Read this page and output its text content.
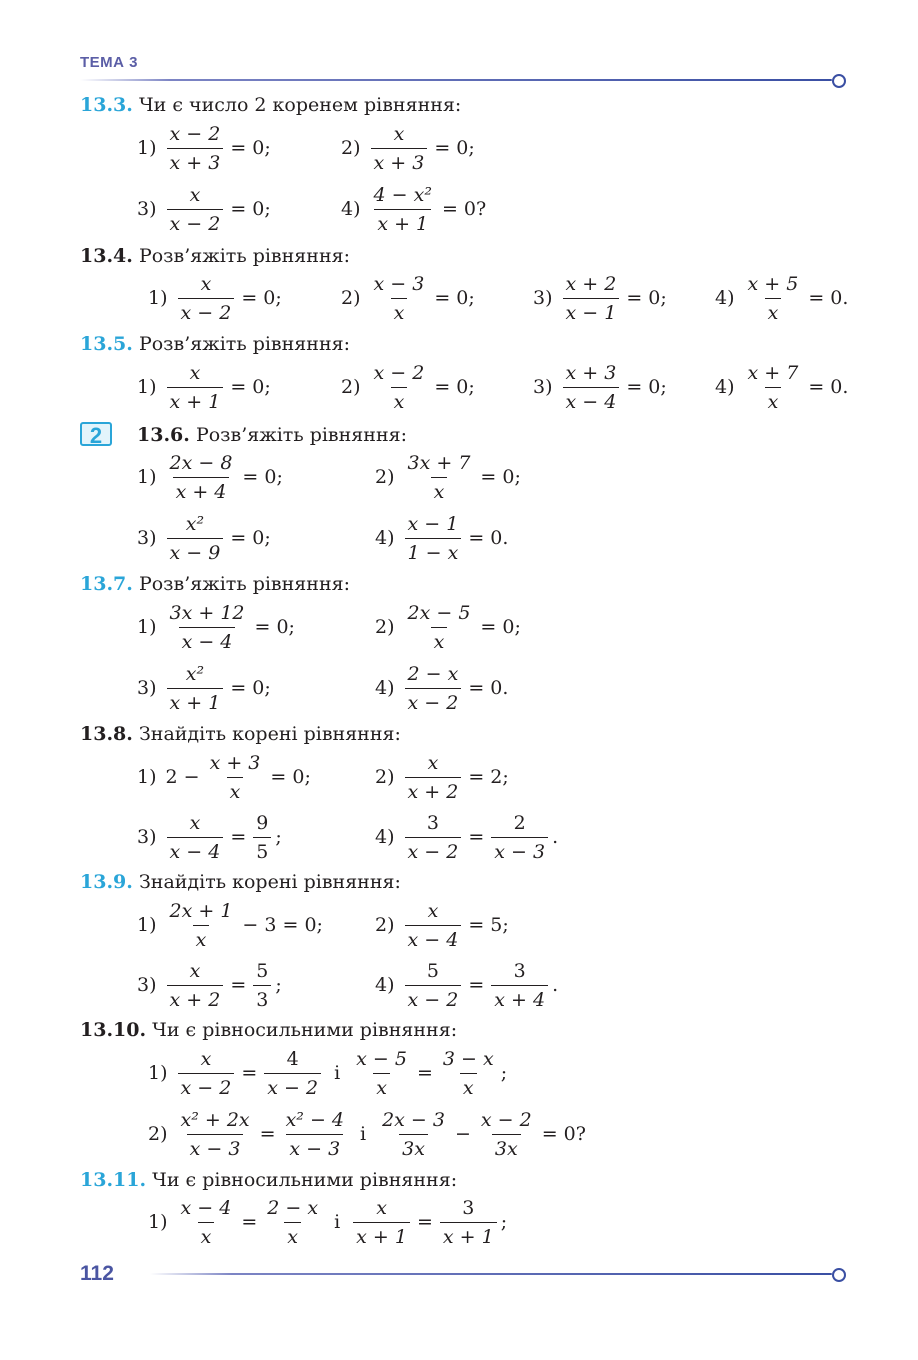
ТЕМА 3
13.3. Чи є число 2 коренем рівняння:
$1) \frac{x - 2}{x + 3} = 0$;	$2) \frac{x}{x + 3} = 0$;
$3) \frac{x}{x - 2} = 0$;	$4) \frac{\text{4 − x²}}{x + 1} = 0$?
13.4. Розв’яжіть рівняння:
$1) \frac{x}{x - 2} = 0$;	$2) \frac{x - 3}{x} = 0$;	$3) \frac{x + 2}{x - 1} = 0$;	$4) \frac{x + 5}{x} = 0$.
13.5. Розв’яжіть рівняння:
$1) \frac{x}{x + 1} = 0$;	$2) \frac{x - 2}{x} = 0$;	$3) \frac{x + 3}{x - 4} = 0$;	$4) \frac{x + 7}{x} = 0$.
2	13.6. Розв’яжіть рівняння:
$1) \frac{2x - 8}{x + 4} = 0$;	$2) \frac{3x + 7}{x} = 0$;
$3) \frac{\text{x²}}{x - 9} = 0$;	$4) \frac{x - 1}{1 - x} = 0$.
13.7. Розв’яжіть рівняння:
$1) \frac{3x + 12}{x - 4} = 0$;	$2) \frac{2x - 5}{x} = 0$;
$3) \frac{\text{x²}}{x + 1} = 0$;	$4) \frac{2 - x}{x - 2} = 0$.
13.8. Знайдіть корені рівняння:
1) $2 - \frac{x + 3}{x} = 0$;	$2) \frac{x}{x + 2} = 2$;
$3) \frac{x}{x - 4} = \frac{9}{5}$ ;	$4) \frac{3}{x - 2} = \frac{2}{x - 3}$ .
13.9. Знайдіть корені рівняння:
$1) \frac{2x + 1}{x} - 3 = 0$;	$2) \frac{x}{x - 4} = 5$;
$3) \frac{x}{x + 2} = \frac{5}{3}$ ;	$4) \frac{5}{x - 2} = \frac{3}{x + 4}$ .
13.10. Чи є рівносильними рівняння:
$1) \frac{x}{x - 2} = \frac{4}{x - 2}$ і $\frac{x - 5}{x} = \frac{3 - x}{x}$ ;
$2) \frac{\text{x² + 2x}}{x - 3} = \frac{\text{x² − 4}}{x - 3}$ і $\frac{2x - 3}{3x} - \frac{x - 2}{3x} = 0$?
13.11. Чи є рівносильними рівняння:
$1) \frac{x - 4}{x} = \frac{2 - x}{x}$ і $\frac{x}{x + 1} = \frac{3}{x + 1}$ ;
112
